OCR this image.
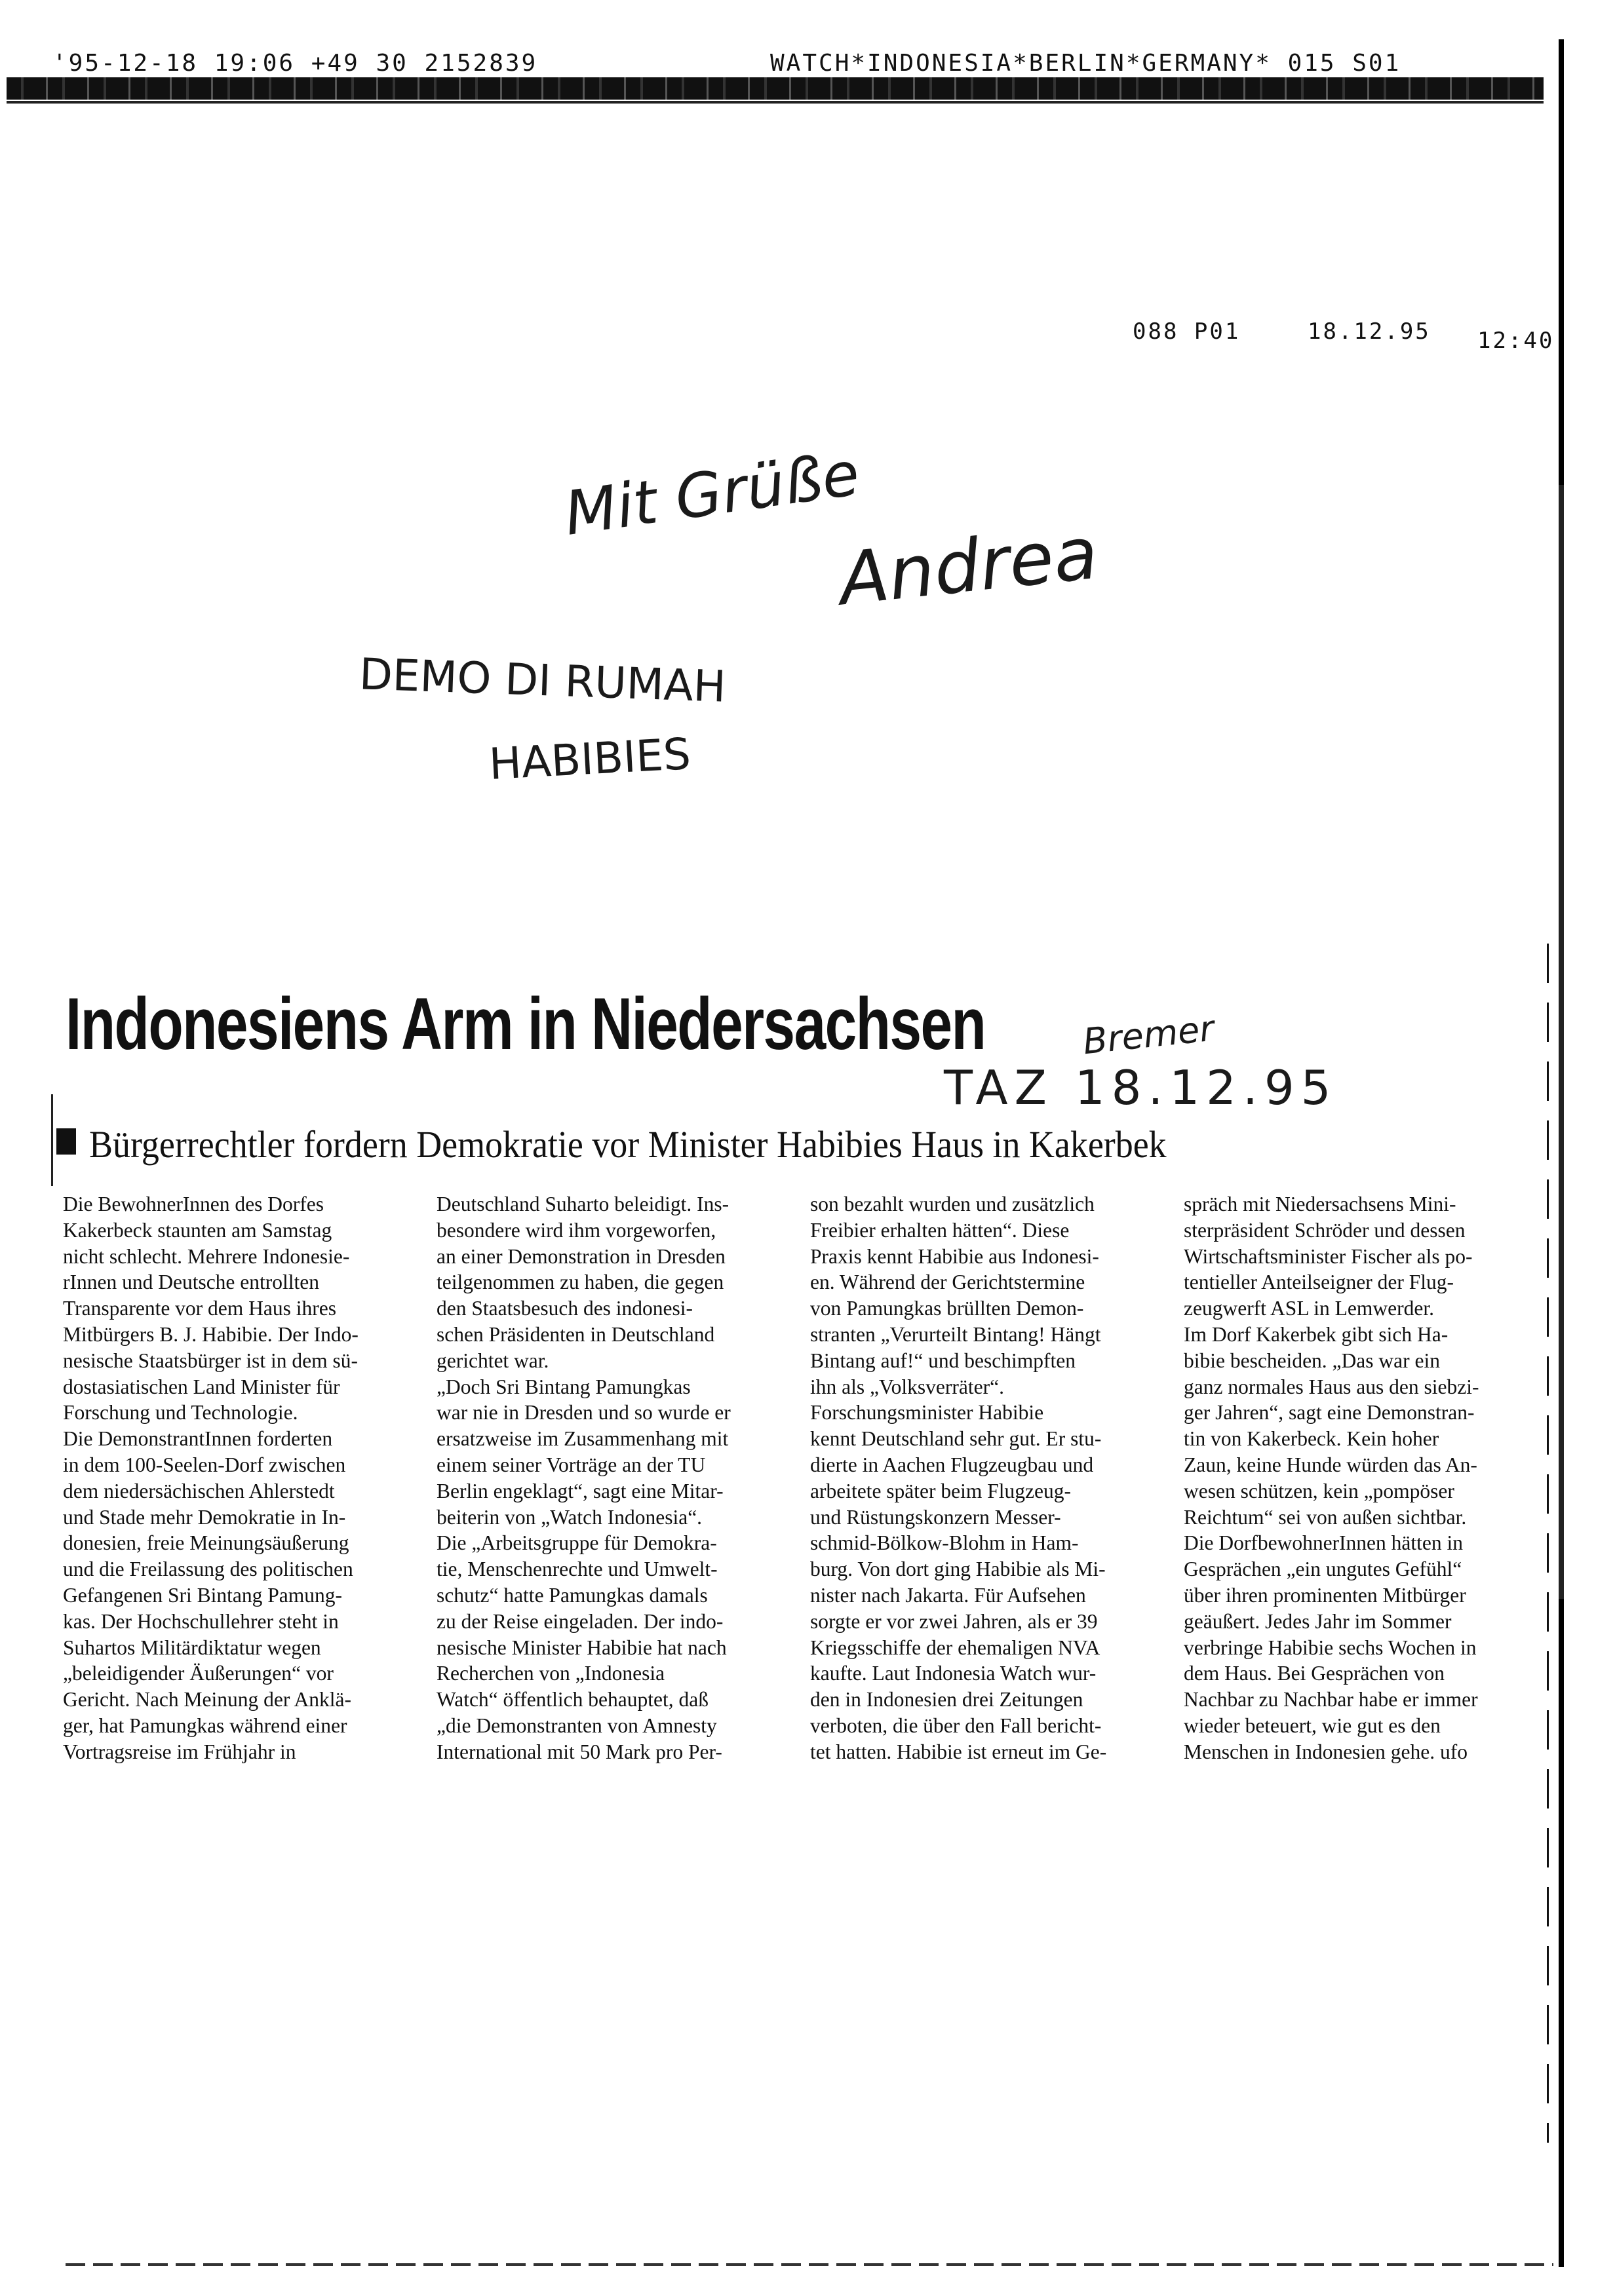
'95-12-18 19:06 +49 30 2152839	WATCH*INDONESIA*BERLIN*GERMANY* 015 S01
088 P01	18.12.95 12:40
Mit Grüße
Andrea
DEMO DI RUMAH
HABIBIES
Bremer
TAZ 18.12.95
Indonesiens Arm in Niedersachsen
Bürgerrechtler fordern Demokratie vor Minister Habibies Haus in Kakerbek
Die BewohnerInnen des Dorfes
Kakerbeck staunten am Samstag
nicht schlecht. Mehrere Indonesie-
rInnen und Deutsche entrollten
Transparente vor dem Haus ihres
Mitbürgers B. J. Habibie. Der Indo-
nesische Staatsbürger ist in dem sü-
dostasiatischen Land Minister für
Forschung und Technologie.
Die DemonstrantInnen forderten
in dem 100-Seelen-Dorf zwischen
dem niedersächischen Ahlerstedt
und Stade mehr Demokratie in In-
donesien, freie Meinungsäußerung
und die Freilassung des politischen
Gefangenen Sri Bintang Pamung-
kas. Der Hochschullehrer steht in
Suhartos Militärdiktatur wegen
„beleidigender Äußerungen“ vor
Gericht. Nach Meinung der Anklä-
ger, hat Pamungkas während einer
Vortragsreise im Frühjahr in
Deutschland Suharto beleidigt. Ins-
besondere wird ihm vorgeworfen,
an einer Demonstration in Dresden
teilgenommen zu haben, die gegen
den Staatsbesuch des indonesi-
schen Präsidenten in Deutschland
gerichtet war.
„Doch Sri Bintang Pamungkas
war nie in Dresden und so wurde er
ersatzweise im Zusammenhang mit
einem seiner Vorträge an der TU
Berlin engeklagt“, sagt eine Mitar-
beiterin von „Watch Indonesia“.
Die „Arbeitsgruppe für Demokra-
tie, Menschenrechte und Umwelt-
schutz“ hatte Pamungkas damals
zu der Reise eingeladen. Der indo-
nesische Minister Habibie hat nach
Recherchen von „Indonesia
Watch“ öffentlich behauptet, daß
„die Demonstranten von Amnesty
International mit 50 Mark pro Per-
son bezahlt wurden und zusätzlich
Freibier erhalten hätten“. Diese
Praxis kennt Habibie aus Indonesi-
en. Während der Gerichtstermine
von Pamungkas brüllten Demon-
stranten „Verurteilt Bintang! Hängt
Bintang auf!“ und beschimpften
ihn als „Volksverräter“.
Forschungsminister Habibie
kennt Deutschland sehr gut. Er stu-
dierte in Aachen Flugzeugbau und
arbeitete später beim Flugzeug-
und Rüstungskonzern Messer-
schmid-Bölkow-Blohm in Ham-
burg. Von dort ging Habibie als Mi-
nister nach Jakarta. Für Aufsehen
sorgte er vor zwei Jahren, als er 39
Kriegsschiffe der ehemaligen NVA
kaufte. Laut Indonesia Watch wur-
den in Indonesien drei Zeitungen
verboten, die über den Fall bericht-
tet hatten. Habibie ist erneut im Ge-
spräch mit Niedersachsens Mini-
sterpräsident Schröder und dessen
Wirtschaftsminister Fischer als po-
tentieller Anteilseigner der Flug-
zeugwerft ASL in Lemwerder.
Im Dorf Kakerbek gibt sich Ha-
bibie bescheiden. „Das war ein
ganz normales Haus aus den siebzi-
ger Jahren“, sagt eine Demonstran-
tin von Kakerbeck. Kein hoher
Zaun, keine Hunde würden das An-
wesen schützen, kein „pompöser
Reichtum“ sei von außen sichtbar.
Die DorfbewohnerInnen hätten in
Gesprächen „ein ungutes Gefühl“
über ihren prominenten Mitbürger
geäußert. Jedes Jahr im Sommer
verbringe Habibie sechs Wochen in
dem Haus. Bei Gesprächen von
Nachbar zu Nachbar habe er immer
wieder beteuert, wie gut es den
Menschen in Indonesien gehe. ufo
